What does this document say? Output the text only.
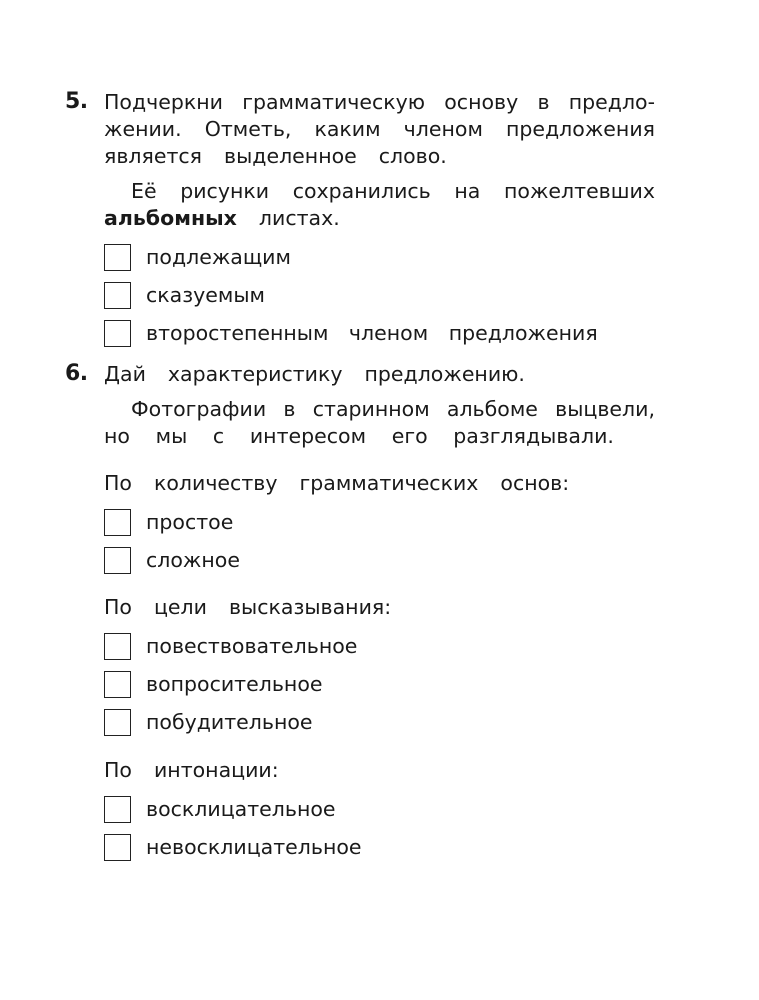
5. Подчеркни грамматическую основу в предло-
жении. Отметь, каким членом предложения
является выделенное слово.
Её рисунки сохранились на пожелтевших
альбомных листах.
подлежащим
сказуемым
второстепенным членом предложения
6. Дай характеристику предложению.
Фотографии в старинном альбоме выцвели,
но мы с интересом его разглядывали.
По количеству грамматических основ:
простое
сложное
По цели высказывания:
повествовательное
вопросительное
побудительное
По интонации:
восклицательное
невосклицательное
